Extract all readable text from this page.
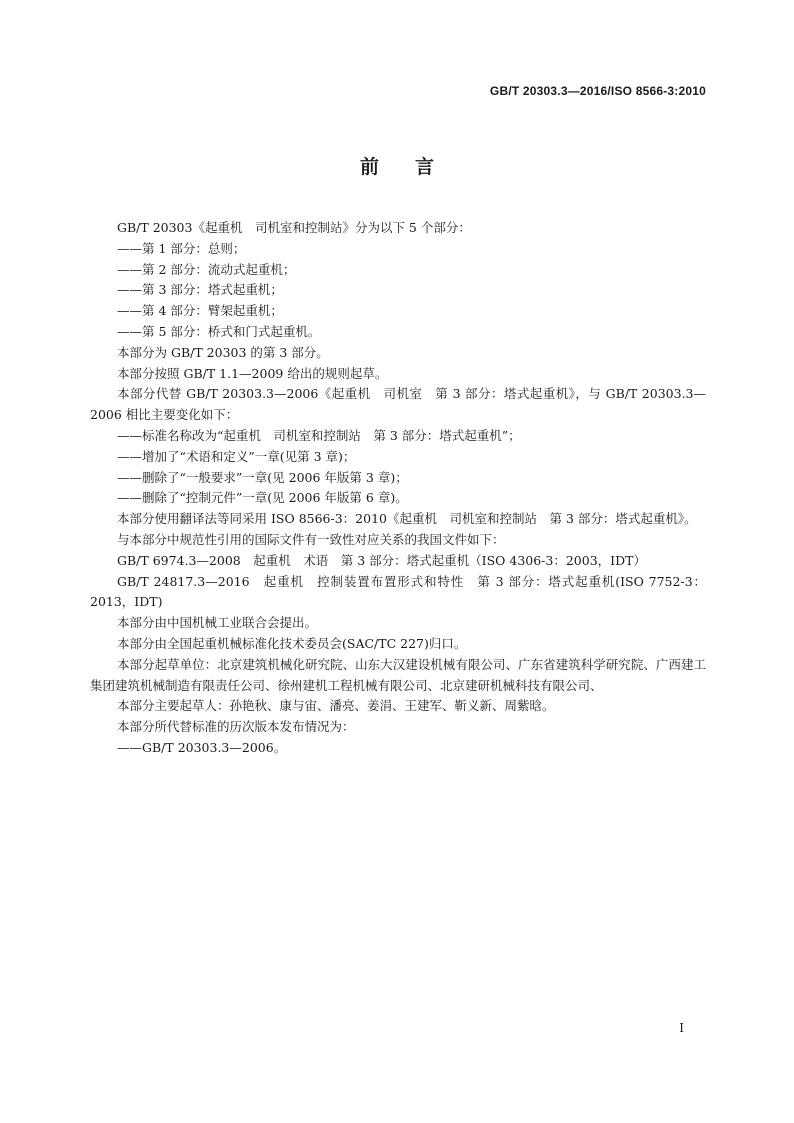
GB/T 20303.3—2016/ISO 8566-3:2010
前言

GB/T 20303《起重机　司机室和控制站》分为以下 5 个部分：

——第 1 部分：总则；

——第 2 部分：流动式起重机；

——第 3 部分：塔式起重机；

——第 4 部分：臂架起重机；

——第 5 部分：桥式和门式起重机。

本部分为 GB/T 20303 的第 3 部分。

本部分按照 GB/T 1.1—2009 给出的规则起草。

本部分代替 GB/T 20303.3—2006《起重机　司机室　第 3 部分：塔式起重机》，与 GB/T 20303.3—2006 相比主要变化如下：

——标准名称改为“起重机　司机室和控制站　第 3 部分：塔式起重机”；

——增加了“术语和定义”一章(见第 3 章)；

——删除了“一般要求”一章(见 2006 年版第 3 章)；

——删除了“控制元件”一章(见 2006 年版第 6 章)。

本部分使用翻译法等同采用 ISO 8566-3：2010《起重机　司机室和控制站　第 3 部分：塔式起重机》。

与本部分中规范性引用的国际文件有一致性对应关系的我国文件如下：

GB/T 6974.3—2008　起重机　术语　第 3 部分：塔式起重机（ISO 4306-3：2003，IDT）

GB/T 24817.3—2016　起重机　控制装置布置形式和特性　第 3 部分：塔式起重机(ISO 7752-3：2013，IDT)

本部分由中国机械工业联合会提出。

本部分由全国起重机械标准化技术委员会(SAC/TC 227)归口。

本部分起草单位：北京建筑机械化研究院、山东大汉建设机械有限公司、广东省建筑科学研究院、广西建工集团建筑机械制造有限责任公司、徐州建机工程机械有限公司、北京建研机械科技有限公司、

本部分主要起草人：孙艳秋、康与宙、潘亮、姜涓、王建军、靳义新、周紫晗。

本部分所代替标准的历次版本发布情况为：

——GB/T 20303.3—2006。

I
